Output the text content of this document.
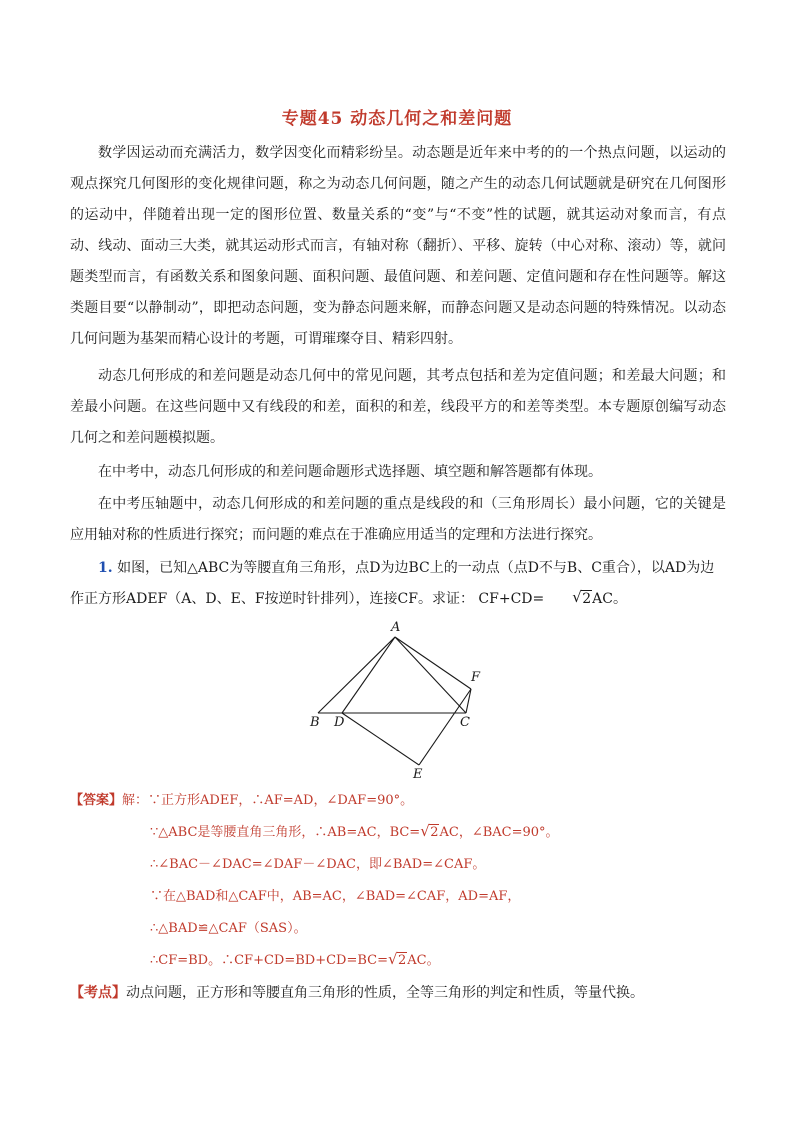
专题45 动态几何之和差问题

数学因运动而充满活力，数学因变化而精彩纷呈。动态题是近年来中考的的一个热点问题，以运动的观点探究几何图形的变化规律问题，称之为动态几何问题，随之产生的动态几何试题就是研究在几何图形的运动中，伴随着出现一定的图形位置、数量关系的“变”与“不变”性的试题，就其运动对象而言，有点动、线动、面动三大类，就其运动形式而言，有轴对称（翻折）、平移、旋转（中心对称、滚动）等，就问题类型而言，有函数关系和图象问题、面积问题、最值问题、和差问题、定值问题和存在性问题等。解这类题目要“以静制动”，即把动态问题，变为静态问题来解，而静态问题又是动态问题的特殊情况。以动态几何问题为基架而精心设计的考题，可谓璀璨夺目、精彩四射。

动态几何形成的和差问题是动态几何中的常见问题，其考点包括和差为定值问题；和差最大问题；和差最小问题。在这些问题中又有线段的和差，面积的和差，线段平方的和差等类型。本专题原创编写动态几何之和差问题模拟题。

在中考中，动态几何形成的和差问题命题形式选择题、填空题和解答题都有体现。

在中考压轴题中，动态几何形成的和差问题的重点是线段的和（三角形周长）最小问题，它的关键是应用轴对称的性质进行探究；而问题的难点在于准确应用适当的定理和方法进行探究。

1. 如图，已知△ABC为等腰直角三角形，点D为边BC上的一动点（点D不与B、C重合），以AD为边作正方形ADEF（A、D、E、F按逆时针排列），连接CF。求证： CF+CD=	√ 2AC。

A
B D	C
F
E
【答案】解：∵正方形ADEF，∴AF=AD，∠DAF=90°。
∵△ABC是等腰直角三角形，∴AB=AC，BC= √ 2AC，∠BAC=90°。
∴∠BAC－∠DAC=∠DAF－∠DAC，即∠BAD=∠CAF。
∵在△BAD和△CAF中，AB=AC，∠BAD=∠CAF，AD=AF，
∴△BAD≌△CAF（SAS）。
∴CF=BD。∴CF+CD=BD+CD=BC= √ 2AC。
【考点】动点问题，正方形和等腰直角三角形的性质，全等三角形的判定和性质，等量代换。
